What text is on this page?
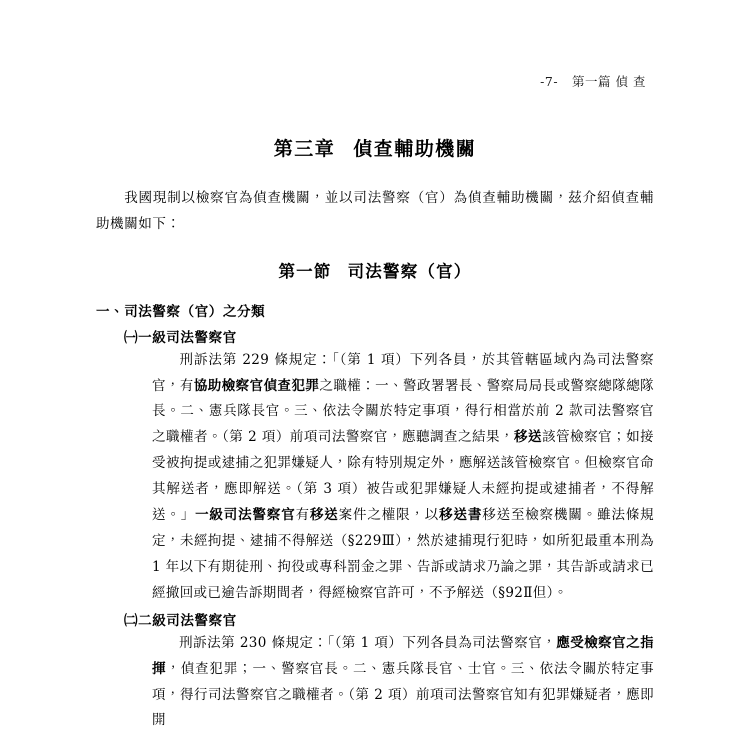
-7- 第一篇 偵 查
第三章 偵查輔助機關

我國現制以檢察官為偵查機關，並以司法警察（官）為偵查輔助機關，茲介紹偵查輔助機關如下：

第一節 司法警察（官）
一、司法警察（官）之分類
㈠一級司法警察官

刑訴法第 229 條規定：「（第 1 項）下列各員，於其管轄區域內為司法警察官，有協助檢察官偵查犯罪之職權：一、警政署署長、警察局局長或警察總隊總隊長。二、憲兵隊長官。三、依法令關於特定事項，得行相當於前 2 款司法警察官之職權者。（第 2 項）前項司法警察官，應聽調查之結果，移送該管檢察官；如接受被拘提或逮捕之犯罪嫌疑人，除有特別規定外，應解送該管檢察官。但檢察官命其解送者，應即解送。（第 3 項）被告或犯罪嫌疑人未經拘提或逮捕者，不得解送。」一級司法警察官有移送案件之權限，以移送書移送至檢察機關。雖法條規定，未經拘提、逮捕不得解送（§229Ⅲ），然於逮捕現行犯時，如所犯最重本刑為 1 年以下有期徒刑、拘役或專科罰金之罪、告訴或請求乃論之罪，其告訴或請求已經撤回或已逾告訴期間者，得經檢察官許可，不予解送（§92Ⅱ但）。

㈡二級司法警察官

刑訴法第 230 條規定：「（第 1 項）下列各員為司法警察官，應受檢察官之指揮，偵查犯罪；一、警察官長。二、憲兵隊長官、士官。三、依法令關於特定事項，得行司法警察官之職權者。（第 2 項）前項司法警察官知有犯罪嫌疑者，應即開
